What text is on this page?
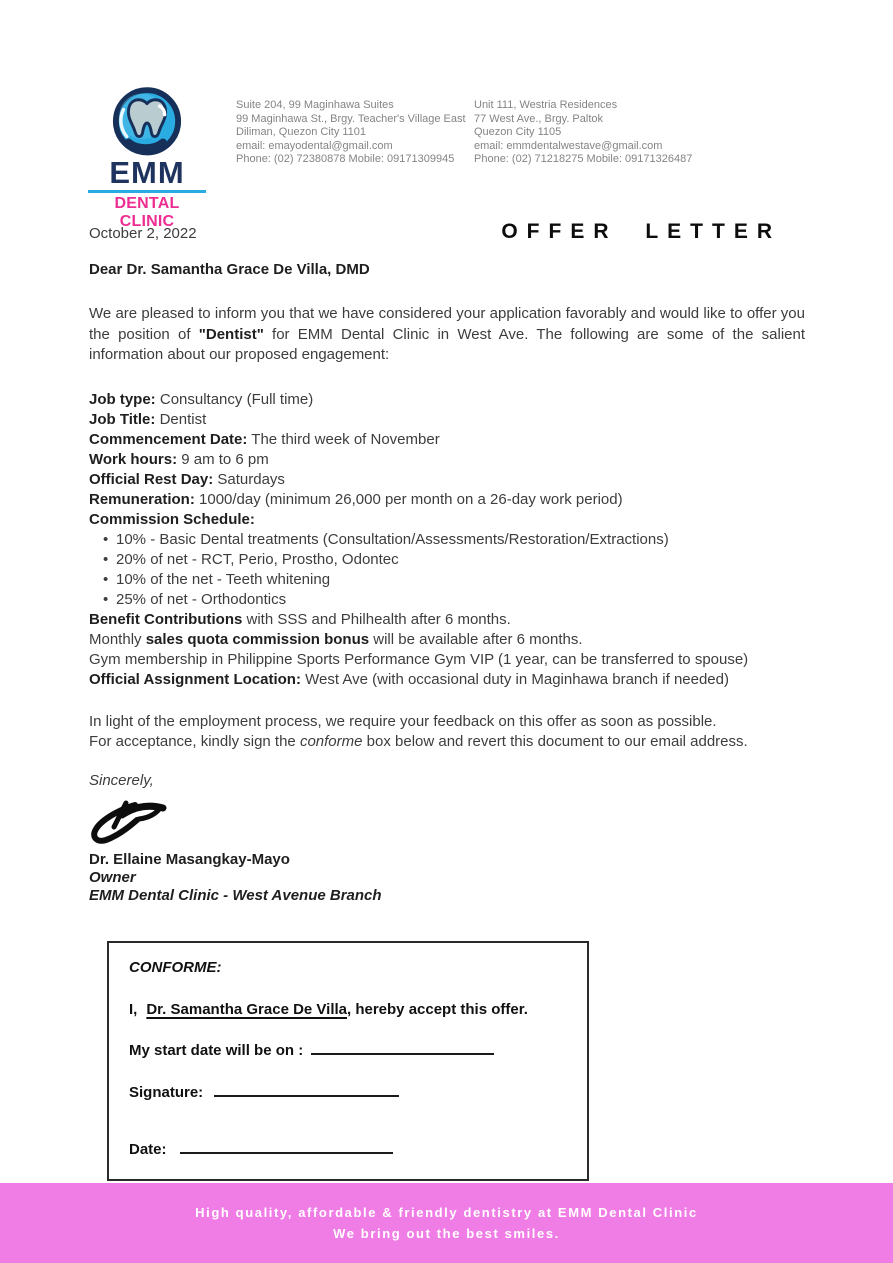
EMM
DENTAL CLINIC
Suite 204, 99 Maginhawa Suites
99 Maginhawa St., Brgy. Teacher's Village East
Diliman, Quezon City 1101
email: emayodental@gmail.com
Phone: (02) 72380878 Mobile: 09171309945
Unit 111, Westria Residences
77 West Ave., Brgy. Paltok
Quezon City 1105
email: emmdentalwestave@gmail.com
Phone: (02) 71218275 Mobile: 09171326487
OFFER LETTER
October 2, 2022
Dear Dr. Samantha Grace De Villa, DMD

We are pleased to inform you that we have considered your application favorably and would like to offer you the position of "Dentist" for EMM Dental Clinic in West Ave. The following are some of the salient information about our proposed engagement:

Job type: Consultancy (Full time)
Job Title: Dentist
Commencement Date: The third week of November
Work hours: 9 am to 6 pm
Official Rest Day: Saturdays
Remuneration: 1000/day (minimum 26,000 per month on a 26-day work period)
Commission Schedule:
• 10% - Basic Dental treatments (Consultation/Assessments/Restoration/Extractions)
• 20% of net - RCT, Perio, Prostho, Odontec
• 10% of the net - Teeth whitening
• 25% of net - Orthodontics
Benefit Contributions with SSS and Philhealth after 6 months.
Monthly sales quota commission bonus will be available after 6 months.
Gym membership in Philippine Sports Performance Gym VIP (1 year, can be transferred to spouse)
Official Assignment Location: West Ave (with occasional duty in Maginhawa branch if needed)

In light of the employment process, we require your feedback on this offer as soon as possible.

For acceptance, kindly sign the conforme box below and revert this document to our email address.

Sincerely,
Dr. Ellaine Masangkay-Mayo
Owner
EMM Dental Clinic - West Avenue Branch
CONFORME:
I, Dr. Samantha Grace De Villa, hereby accept this offer.
My start date will be on :
Signature:
Date:
High quality, affordable & friendly dentistry at EMM Dental Clinic
We bring out the best smiles.
